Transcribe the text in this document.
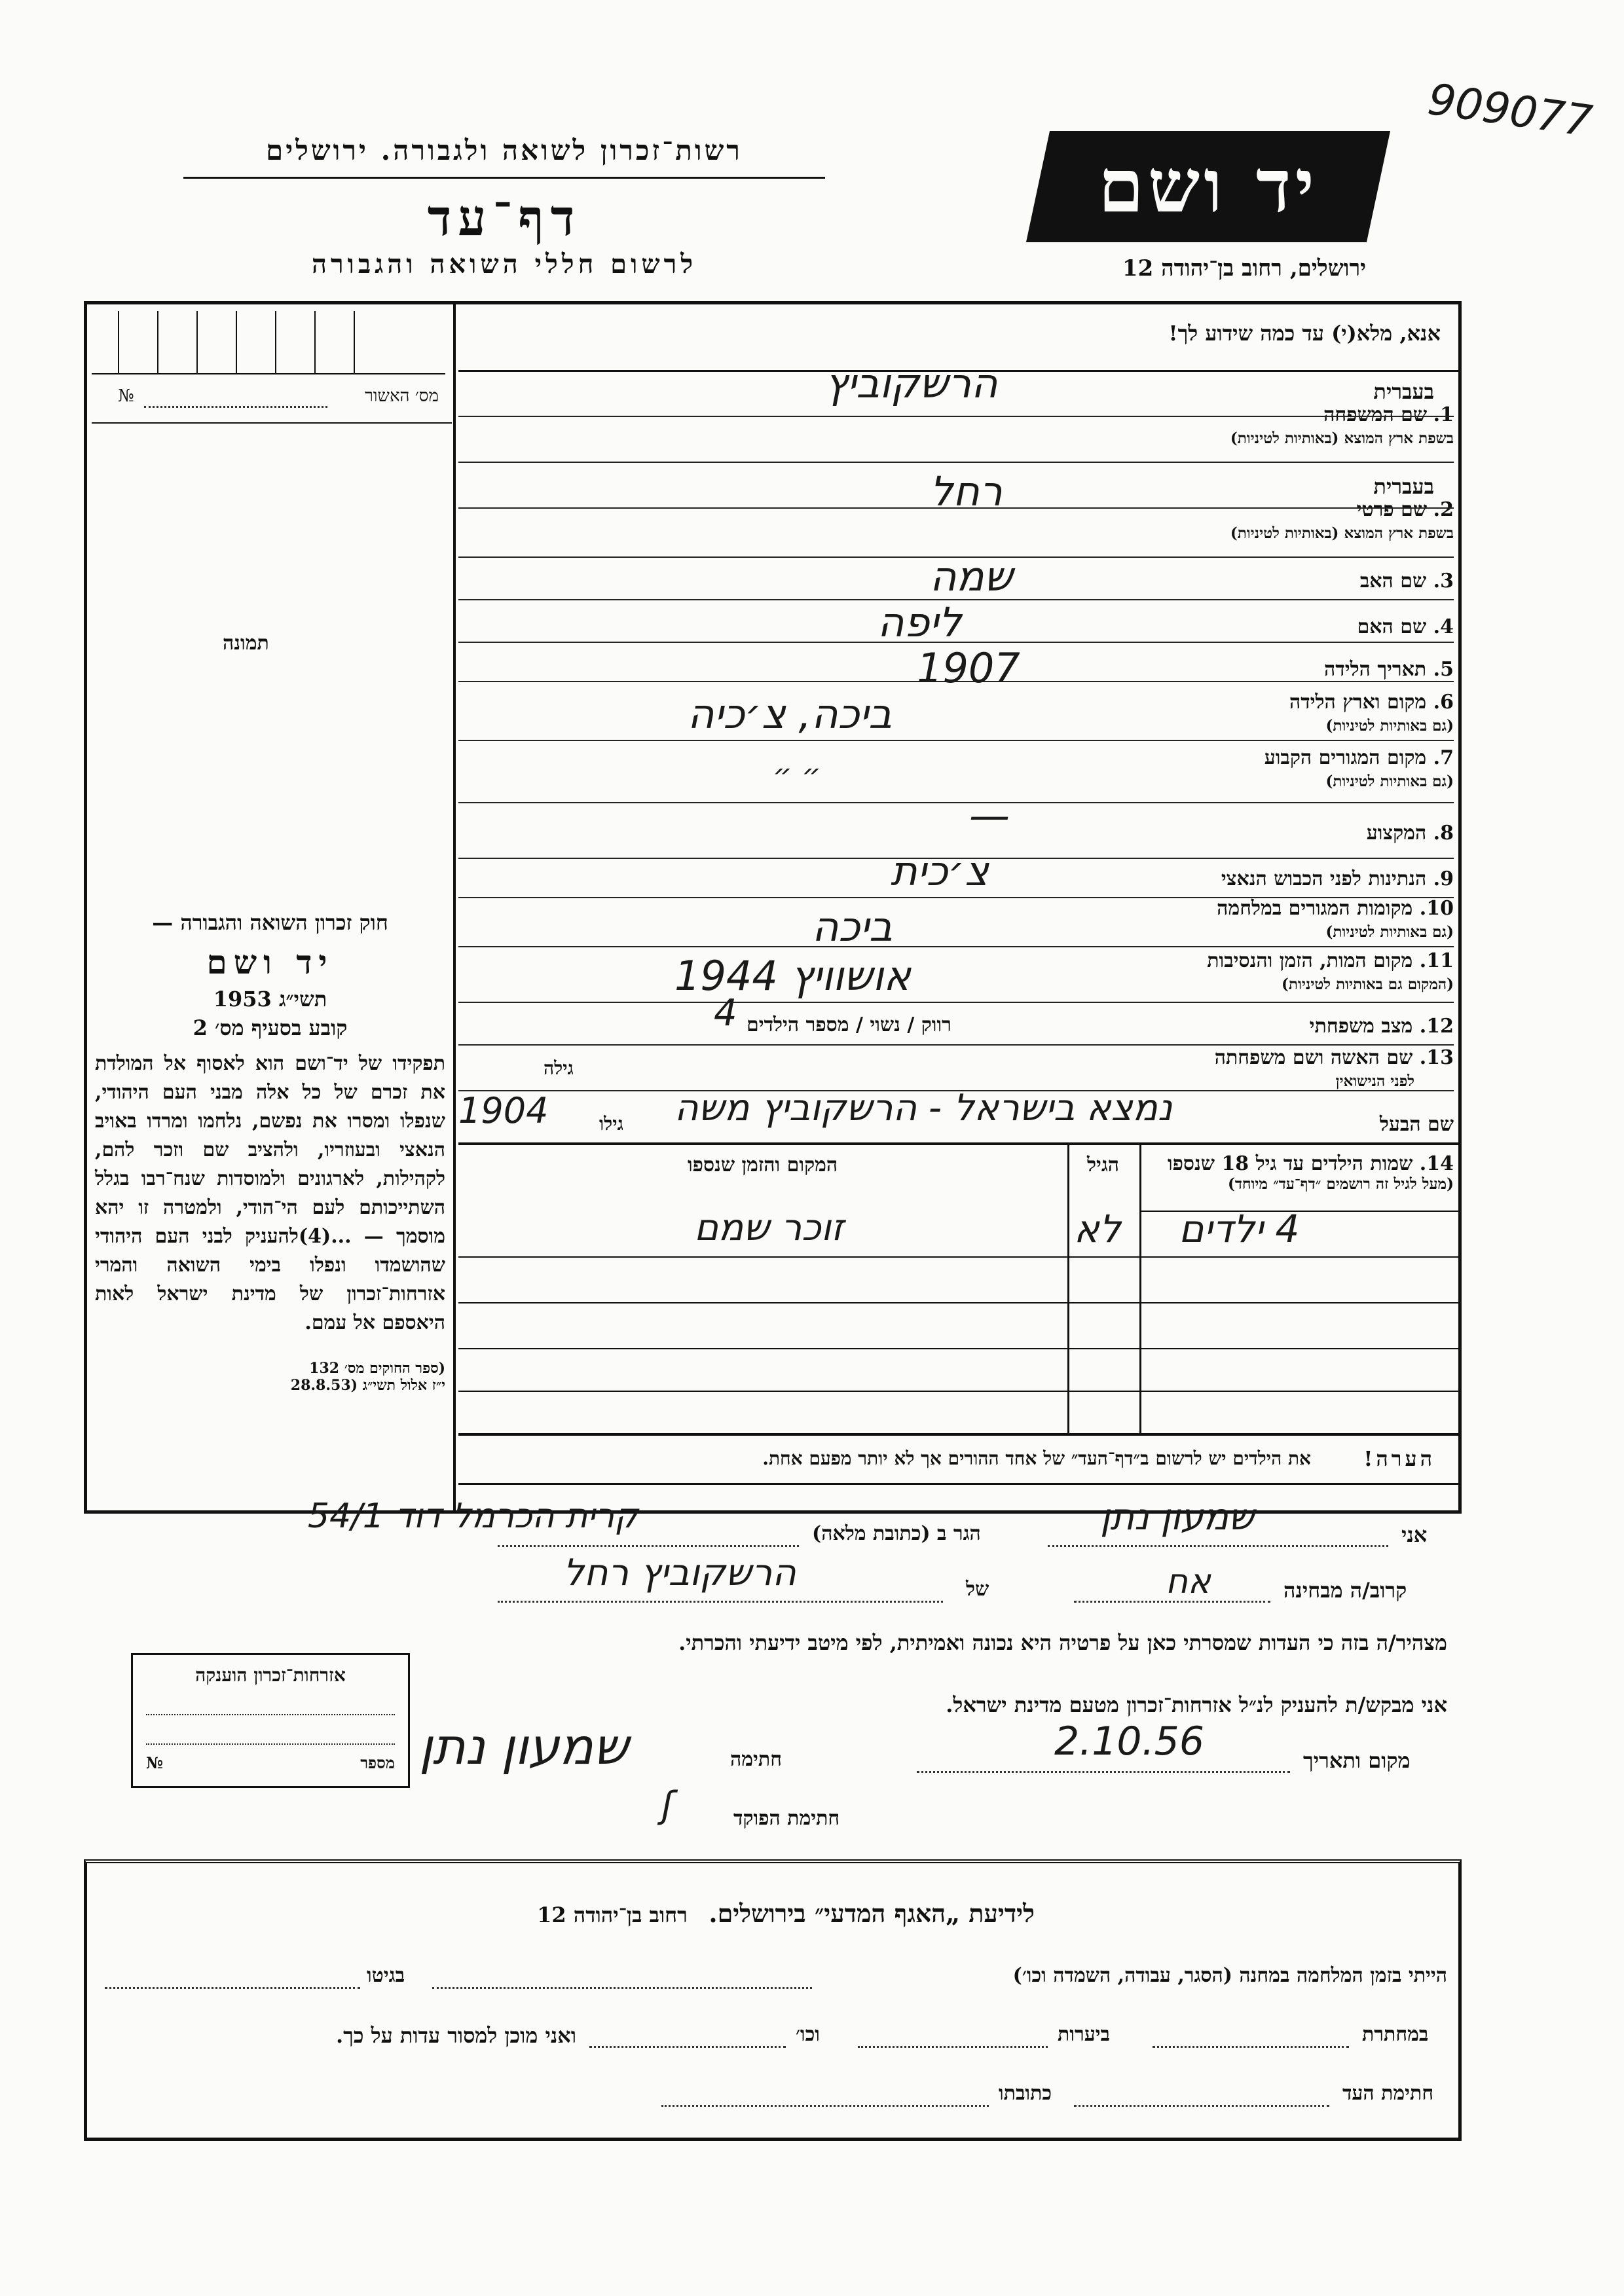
909077
רשות־זכרון לשואה ולגבורה. ירושלים
דף־עד
לרשום חללי השואה והגבורה
יד ושם
ירושלים, רחוב בן־יהודה 12
אנא, מלא(י) עד כמה שידוע לך!
מס׳ האשור
№
תמונה
חוק זכרון השואה והגבורה —
יד ושם
תשי״ג 1953
קובע בסעיף מס׳ 2
תפקידו של יד־ושם הוא לאסוף אל המולדת את זכרם של כל אלה מבני העם היהודי, שנפלו ומסרו את נפשם, נלחמו ומרדו באויב הנאצי ובעוזריו, ולהציב שם וזכר להם, לקהילות, לארגונים ולמוסדות שנח־רבו בגלל השתייכותם לעם הי־הודי, ולמטרה זו יהא מוסמך — ...(4)להעניק לבני העם היהודי שהושמדו ונפלו בימי השואה והמרי אזרחות־זכרון של מדינת ישראל לאות היאספם אל עמם.
(ספר החוקים מס׳ 132
י״ז אלול תשי״ג (28.8.53
בעברית
1. שם המשפחה
בשפת ארץ המוצא (באותיות לטיניות)
הרשקוביץ
בעברית
2. שם פרטי
בשפת ארץ המוצא (באותיות לטיניות)
רחל
3. שם האב
שמה
4. שם האם
ליפה
5. תאריך הלידה
1907
6. מקום וארץ הלידה
(גם באותיות לטיניות)
ביכה, צ׳כיה
7. מקום המגורים הקבוע
(גם באותיות לטיניות)
״ ״
8. המקצוע
—
9. הנתינות לפני הכבוש הנאצי
צ׳כית
10. מקומות המגורים במלחמה
(גם באותיות לטיניות)
ביכה
11. מקום המות, הזמן והנסיבות
(המקום גם באותיות לטיניות)
אושוויץ 1944
12. מצב משפחתי
רווק / נשוי / מספר הילדים
4
13. שם האשה ושם משפחתה
לפני הנישואין
גילה
שם הבעל
נמצא בישראל - הרשקוביץ משה
גילו
1904
14. שמות הילדים עד גיל 18 שנספו
(מעל לגיל זה רושמים ״דף־עד״ מיוחד)
הגיל
המקום והזמן שנספו
4 ילדים
לא
זוכר שמם
הערה!
את הילדים יש לרשום ב״דף־העד״ של אחד ההורים אך לא יותר מפעם אחת.
אני
שמעון נתן
הגר ב (כתובת מלאה)
קרית הכרמל דוד 54/1
קרוב/ה מבחינה
אח
של
הרשקוביץ רחל
מצהיר/ה בזה כי העדות שמסרתי כאן על פרטיה היא נכונה ואמיתית, לפי מיטב ידיעתי והכרתי.
אני מבקש/ת להעניק לנ״ל אזרחות־זכרון מטעם מדינת ישראל.
מקום ותאריך
2.10.56
חתימה
שמעון נתן
חתימת הפוקד
ʃ
אזרחות־זכרון הוענקה
מספר
№
לידיעת „האגף המדעי״ בירושלים. רחוב בן־יהודה 12
הייתי בזמן המלחמה במחנה (הסגר, עבודה, השמדה וכו׳)
בגיטו
במחתרת
ביערות
וכו׳
ואני מוכן למסור עדות על כך.
חתימת העד
כתובתו
